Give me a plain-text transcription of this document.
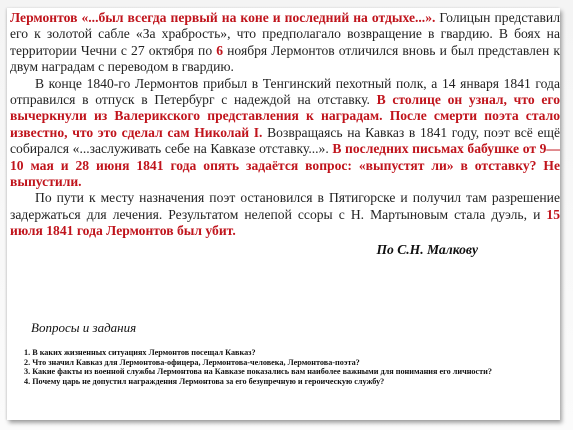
Лермонтов «...был всегда первый на коне и последний на отдыхе...». Голицын представил его к золотой сабле «За храбрость», что предполагало возвращение в гвардию. В боях на территории Чечни с 27 октября по 6 ноября Лермонтов отличился вновь и был представлен к двум наградам с переводом в гвардию.

В конце 1840-го Лермонтов прибыл в Тенгинский пехотный полк, а 14 января 1841 года отправился в отпуск в Петербург с надеждой на отставку. В столице он узнал, что его вычеркнули из Валерикского представления к наградам. После смерти поэта стало известно, что это сделал сам Николай I. Возвращаясь на Кавказ в 1841 году, поэт всё ещё собирался «...заслуживать себе на Кавказе отставку...». В последних письмах бабушке от 9—10 мая и 28 июня 1841 года опять задаётся вопрос: «выпустят ли» в отставку? Не выпустили.

По пути к месту назначения поэт остановился в Пятигорске и получил там разрешение задержаться для лечения. Результатом нелепой ссоры с Н. Мартыновым стала дуэль, и 15 июля 1841 года Лермонтов был убит.

По С.Н. Малкову

Вопросы и задания
1. В каких жизненных ситуациях Лермонтов посещал Кавказ?
2. Что значил Кавказ для Лермонтова-офицера, Лермонтова-человека, Лермонтова-поэта?
3. Какие факты из военной службы Лермонтова на Кавказе показались вам наиболее важными для понимания его личности?
4. Почему царь не допустил награждения Лермонтова за его безупречную и героическую службу?
